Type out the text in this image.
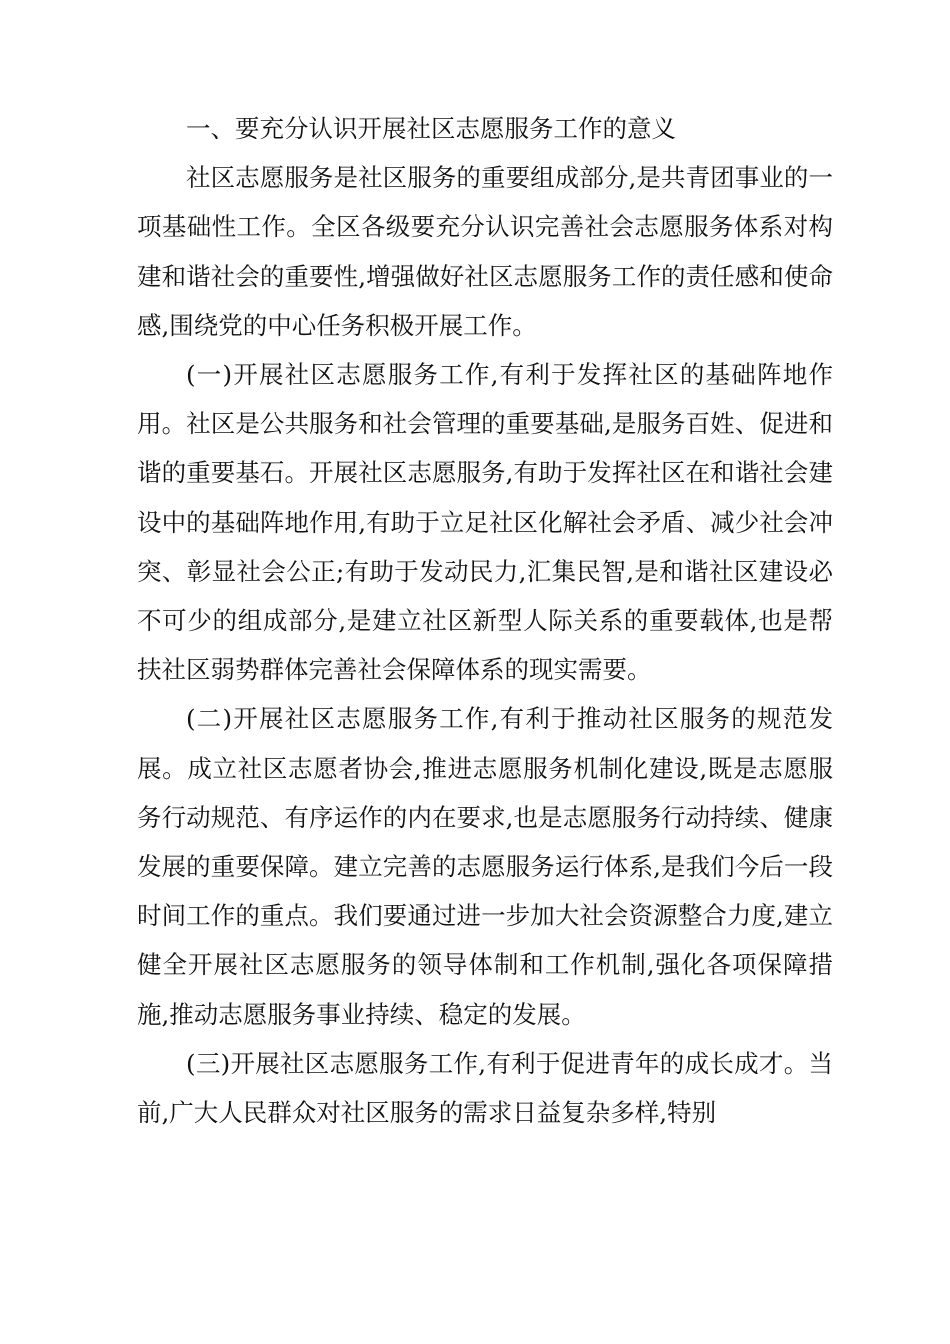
一、要充分认识开展社区志愿服务工作的意义

社区志愿服务是社区服务的重要组成部分,是共青团事业的一项基础性工作。全区各级要充分认识完善社会志愿服务体系对构建和谐社会的重要性,增强做好社区志愿服务工作的责任感和使命感,围绕党的中心任务积极开展工作。

(一)开展社区志愿服务工作,有利于发挥社区的基础阵地作用。社区是公共服务和社会管理的重要基础,是服务百姓、促进和谐的重要基石。开展社区志愿服务,有助于发挥社区在和谐社会建设中的基础阵地作用,有助于立足社区化解社会矛盾、减少社会冲突、彰显社会公正;有助于发动民力,汇集民智,是和谐社区建设必不可少的组成部分,是建立社区新型人际关系的重要载体,也是帮扶社区弱势群体完善社会保障体系的现实需要。

(二)开展社区志愿服务工作,有利于推动社区服务的规范发展。成立社区志愿者协会,推进志愿服务机制化建设,既是志愿服务行动规范、有序运作的内在要求,也是志愿服务行动持续、健康发展的重要保障。建立完善的志愿服务运行体系,是我们今后一段时间工作的重点。我们要通过进一步加大社会资源整合力度,建立健全开展社区志愿服务的领导体制和工作机制,强化各项保障措施,推动志愿服务事业持续、稳定的发展。

(三)开展社区志愿服务工作,有利于促进青年的成长成才。当前,广大人民群众对社区服务的需求日益复杂多样,特别
